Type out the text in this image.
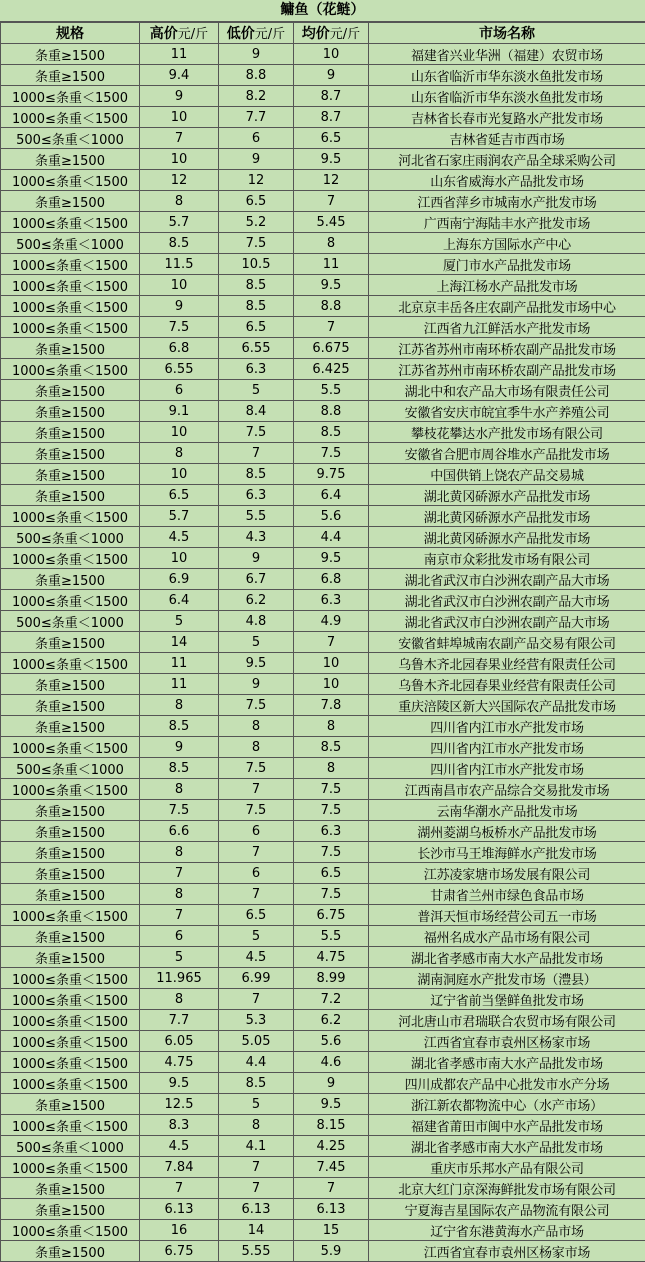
鳙鱼（花鲢）
规格	高价元/斤	低价元/斤	均价元/斤	市场名称
条重≥1500	11	9	10	福建省兴业华洲（福建）农贸市场
条重≥1500	9.4	8.8	9	山东省临沂市华东淡水鱼批发市场
1000≤条重＜1500	9	8.2	8.7	山东省临沂市华东淡水鱼批发市场
1000≤条重＜1500	10	7.7	8.7	吉林省长春市光复路水产批发市场
500≤条重＜1000	7	6	6.5	吉林省延吉市西市场
条重≥1500	10	9	9.5	河北省石家庄雨润农产品全球采购公司
1000≤条重＜1500	12	12	12	山东省威海水产品批发市场
条重≥1500	8	6.5	7	江西省萍乡市城南水产批发市场
1000≤条重＜1500	5.7	5.2	5.45	广西南宁海陆丰水产批发市场
500≤条重＜1000	8.5	7.5	8	上海东方国际水产中心
1000≤条重＜1500	11.5	10.5	11	厦门市水产品批发市场
1000≤条重＜1500	10	8.5	9.5	上海江杨水产品批发市场
1000≤条重＜1500	9	8.5	8.8	北京京丰岳各庄农副产品批发市场中心
1000≤条重＜1500	7.5	6.5	7	江西省九江鲜活水产批发市场
条重≥1500	6.8	6.55	6.675	江苏省苏州市南环桥农副产品批发市场
1000≤条重＜1500	6.55	6.3	6.425	江苏省苏州市南环桥农副产品批发市场
条重≥1500	6	5	5.5	湖北中和农产品大市场有限责任公司
条重≥1500	9.1	8.4	8.8	安徽省安庆市皖宜季牛水产养殖公司
条重≥1500	10	7.5	8.5	攀枝花攀达水产批发市场有限公司
条重≥1500	8	7	7.5	安徽省合肥市周谷堆水产品批发市场
条重≥1500	10	8.5	9.75	中国供销上饶农产品交易城
条重≥1500	6.5	6.3	6.4	湖北黄冈硚源水产品批发市场
1000≤条重＜1500	5.7	5.5	5.6	湖北黄冈硚源水产品批发市场
500≤条重＜1000	4.5	4.3	4.4	湖北黄冈硚源水产品批发市场
1000≤条重＜1500	10	9	9.5	南京市众彩批发市场有限公司
条重≥1500	6.9	6.7	6.8	湖北省武汉市白沙洲农副产品大市场
1000≤条重＜1500	6.4	6.2	6.3	湖北省武汉市白沙洲农副产品大市场
500≤条重＜1000	5	4.8	4.9	湖北省武汉市白沙洲农副产品大市场
条重≥1500	14	5	7	安徽省蚌埠城南农副产品交易有限公司
1000≤条重＜1500	11	9.5	10	乌鲁木齐北园春果业经营有限责任公司
条重≥1500	11	9	10	乌鲁木齐北园春果业经营有限责任公司
条重≥1500	8	7.5	7.8	重庆涪陵区新大兴国际农产品批发市场
条重≥1500	8.5	8	8	四川省内江市水产批发市场
1000≤条重＜1500	9	8	8.5	四川省内江市水产批发市场
500≤条重＜1000	8.5	7.5	8	四川省内江市水产批发市场
1000≤条重＜1500	8	7	7.5	江西南昌市农产品综合交易批发市场
条重≥1500	7.5	7.5	7.5	云南华潮水产品批发市场
条重≥1500	6.6	6	6.3	湖州菱湖乌板桥水产品批发市场
条重≥1500	8	7	7.5	长沙市马王堆海鲜水产批发市场
条重≥1500	7	6	6.5	江苏凌家塘市场发展有限公司
条重≥1500	8	7	7.5	甘肃省兰州市绿色食品市场
1000≤条重＜1500	7	6.5	6.75	普洱天恒市场经营公司五一市场
条重≥1500	6	5	5.5	福州名成水产品市场有限公司
条重≥1500	5	4.5	4.75	湖北省孝感市南大水产品批发市场
1000≤条重＜1500	11.965	6.99	8.99	湖南洞庭水产批发市场（澧县）
1000≤条重＜1500	8	7	7.2	辽宁省前当堡鲜鱼批发市场
1000≤条重＜1500	7.7	5.3	6.2	河北唐山市君瑞联合农贸市场有限公司
1000≤条重＜1500	6.05	5.05	5.6	江西省宜春市袁州区杨家市场
1000≤条重＜1500	4.75	4.4	4.6	湖北省孝感市南大水产品批发市场
1000≤条重＜1500	9.5	8.5	9	四川成都农产品中心批发市水产分场
条重≥1500	12.5	5	9.5	浙江新农都物流中心（水产市场）
1000≤条重＜1500	8.3	8	8.15	福建省莆田市闽中水产品批发市场
500≤条重＜1000	4.5	4.1	4.25	湖北省孝感市南大水产品批发市场
1000≤条重＜1500	7.84	7	7.45	重庆市乐邦水产品有限公司
条重≥1500	7	7	7	北京大红门京深海鲜批发市场有限公司
条重≥1500	6.13	6.13	6.13	宁夏海吉星国际农产品物流有限公司
1000≤条重＜1500	16	14	15	辽宁省东港黄海水产品市场
条重≥1500	6.75	5.55	5.9	江西省宜春市袁州区杨家市场
